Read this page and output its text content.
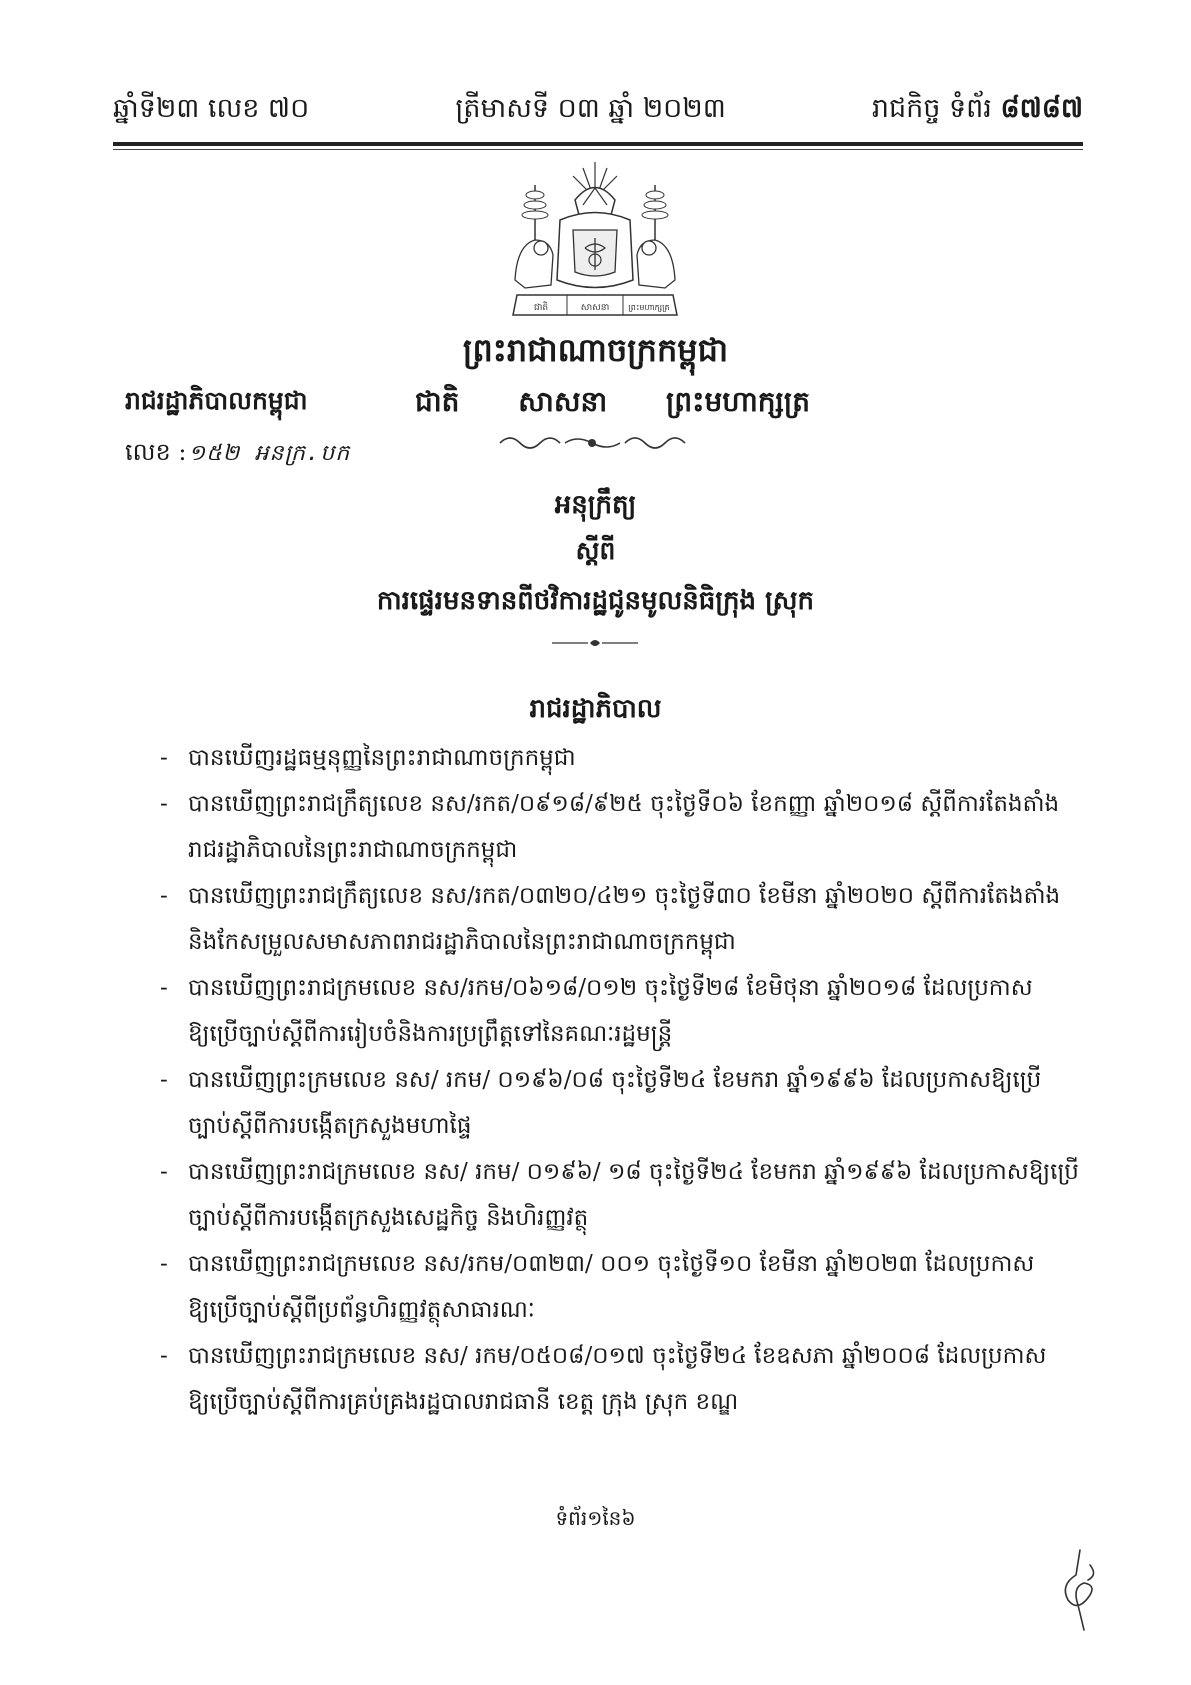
ឆ្នាំទី២៣ លេខ ៧០	ត្រីមាសទី ០៣ ឆ្នាំ ២០២៣	រាជកិច្ច ទំព័រ ៨៧៨៧
ជាតិ	សាសនា ព្រះមហាក្សត្រ
ព្រះរាជាណាចក្រកម្ពុជា
រាជរដ្ឋាភិបាលកម្ពុជា	ជាតិ សាសនា ព្រះមហាក្សត្រ
លេខ :១៥២ អនក្រ.បក
អនុក្រឹត្យ
ស្តីពី
ការផ្ទេរមនទានពីថវិការដ្ឋជូនមូលនិធិក្រុង ស្រុក
រាជរដ្ឋាភិបាល
- បានឃើញរដ្ឋធម្មនុញ្ញនៃព្រះរាជាណាចក្រកម្ពុជា
- បានឃើញព្រះរាជក្រឹត្យលេខ នស/រកត/០៩១៨/៩២៥ ចុះថ្ងៃទី០៦ ខែកញ្ញា ឆ្នាំ២០១៨ ស្តីពីការតែងតាំង
រាជរដ្ឋាភិបាលនៃព្រះរាជាណាចក្រកម្ពុជា
- បានឃើញព្រះរាជក្រឹត្យលេខ នស/រកត/០៣២០/៤២១ ចុះថ្ងៃទី៣០ ខែមីនា ឆ្នាំ២០២០ ស្តីពីការតែងតាំង
និងកែសម្រួលសមាសភាពរាជរដ្ឋាភិបាលនៃព្រះរាជាណាចក្រកម្ពុជា
- បានឃើញព្រះរាជក្រមលេខ នស/រកម/០៦១៨/០១២ ចុះថ្ងៃទី២៨ ខែមិថុនា ឆ្នាំ២០១៨ ដែលប្រកាស
ឱ្យប្រើច្បាប់ស្តីពីការរៀបចំនិងការប្រព្រឹត្តទៅនៃគណៈរដ្ឋមន្ត្រី
- បានឃើញព្រះក្រមលេខ នស/ រកម/ ០១៩៦/០៨ ចុះថ្ងៃទី២៤ ខែមករា ឆ្នាំ១៩៩៦ ដែលប្រកាសឱ្យប្រើ
ច្បាប់ស្តីពីការបង្កើតក្រសួងមហាផ្ទៃ
- បានឃើញព្រះរាជក្រមលេខ នស/ រកម/ ០១៩៦/ ១៨ ចុះថ្ងៃទី២៤ ខែមករា ឆ្នាំ១៩៩៦ ដែលប្រកាសឱ្យប្រើ
ច្បាប់ស្តីពីការបង្កើតក្រសួងសេដ្ឋកិច្ច និងហិរញ្ញវត្ថុ
- បានឃើញព្រះរាជក្រមលេខ នស/រកម/០៣២៣/ ០០១ ចុះថ្ងៃទី១០ ខែមីនា ឆ្នាំ២០២៣ ដែលប្រកាស
ឱ្យប្រើច្បាប់ស្តីពីប្រព័ន្ធហិរញ្ញវត្ថុសាធារណៈ
- បានឃើញព្រះរាជក្រមលេខ នស/ រកម/០៥០៨/០១៧ ចុះថ្ងៃទី២៤ ខែឧសភា ឆ្នាំ២០០៨ ដែលប្រកាស
ឱ្យប្រើច្បាប់ស្តីពីការគ្រប់គ្រងរដ្ឋបាលរាជធានី ខេត្ត ក្រុង ស្រុក ខណ្ឌ
ទំព័រ១នៃ៦
